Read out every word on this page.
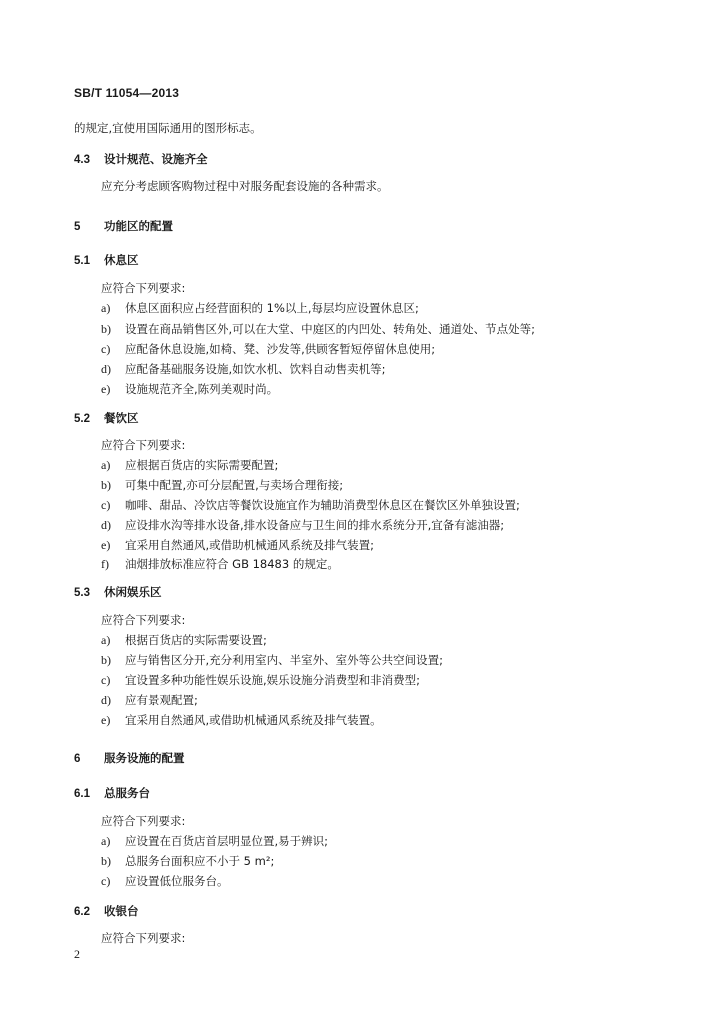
SB/T 11054—2013
的规定,宜使用国际通用的图形标志。
4.3 设计规范、设施齐全
应充分考虑顾客购物过程中对服务配套设施的各种需求。
5 功能区的配置
5.1 休息区
应符合下列要求:
a) 休息区面积应占经营面积的 1%以上,每层均应设置休息区;
b) 设置在商品销售区外,可以在大堂、中庭区的内凹处、转角处、通道处、节点处等;
c) 应配备休息设施,如椅、凳、沙发等,供顾客暂短停留休息使用;
d) 应配备基础服务设施,如饮水机、饮料自动售卖机等;
e) 设施规范齐全,陈列美观时尚。
5.2 餐饮区
应符合下列要求:
a) 应根据百货店的实际需要配置;
b) 可集中配置,亦可分层配置,与卖场合理衔接;
c) 咖啡、甜品、冷饮店等餐饮设施宜作为辅助消费型休息区在餐饮区外单独设置;
d) 应设排水沟等排水设备,排水设备应与卫生间的排水系统分开,宜备有滤油器;
e) 宜采用自然通风,或借助机械通风系统及排气装置;
f) 油烟排放标准应符合 GB 18483 的规定。
5.3 休闲娱乐区
应符合下列要求:
a) 根据百货店的实际需要设置;
b) 应与销售区分开,充分利用室内、半室外、室外等公共空间设置;
c) 宜设置多种功能性娱乐设施,娱乐设施分消费型和非消费型;
d) 应有景观配置;
e) 宜采用自然通风,或借助机械通风系统及排气装置。
6 服务设施的配置
6.1 总服务台
应符合下列要求:
a) 应设置在百货店首层明显位置,易于辨识;
b) 总服务台面积应不小于 5 m²;
c) 应设置低位服务台。
6.2 收银台
应符合下列要求:
2
